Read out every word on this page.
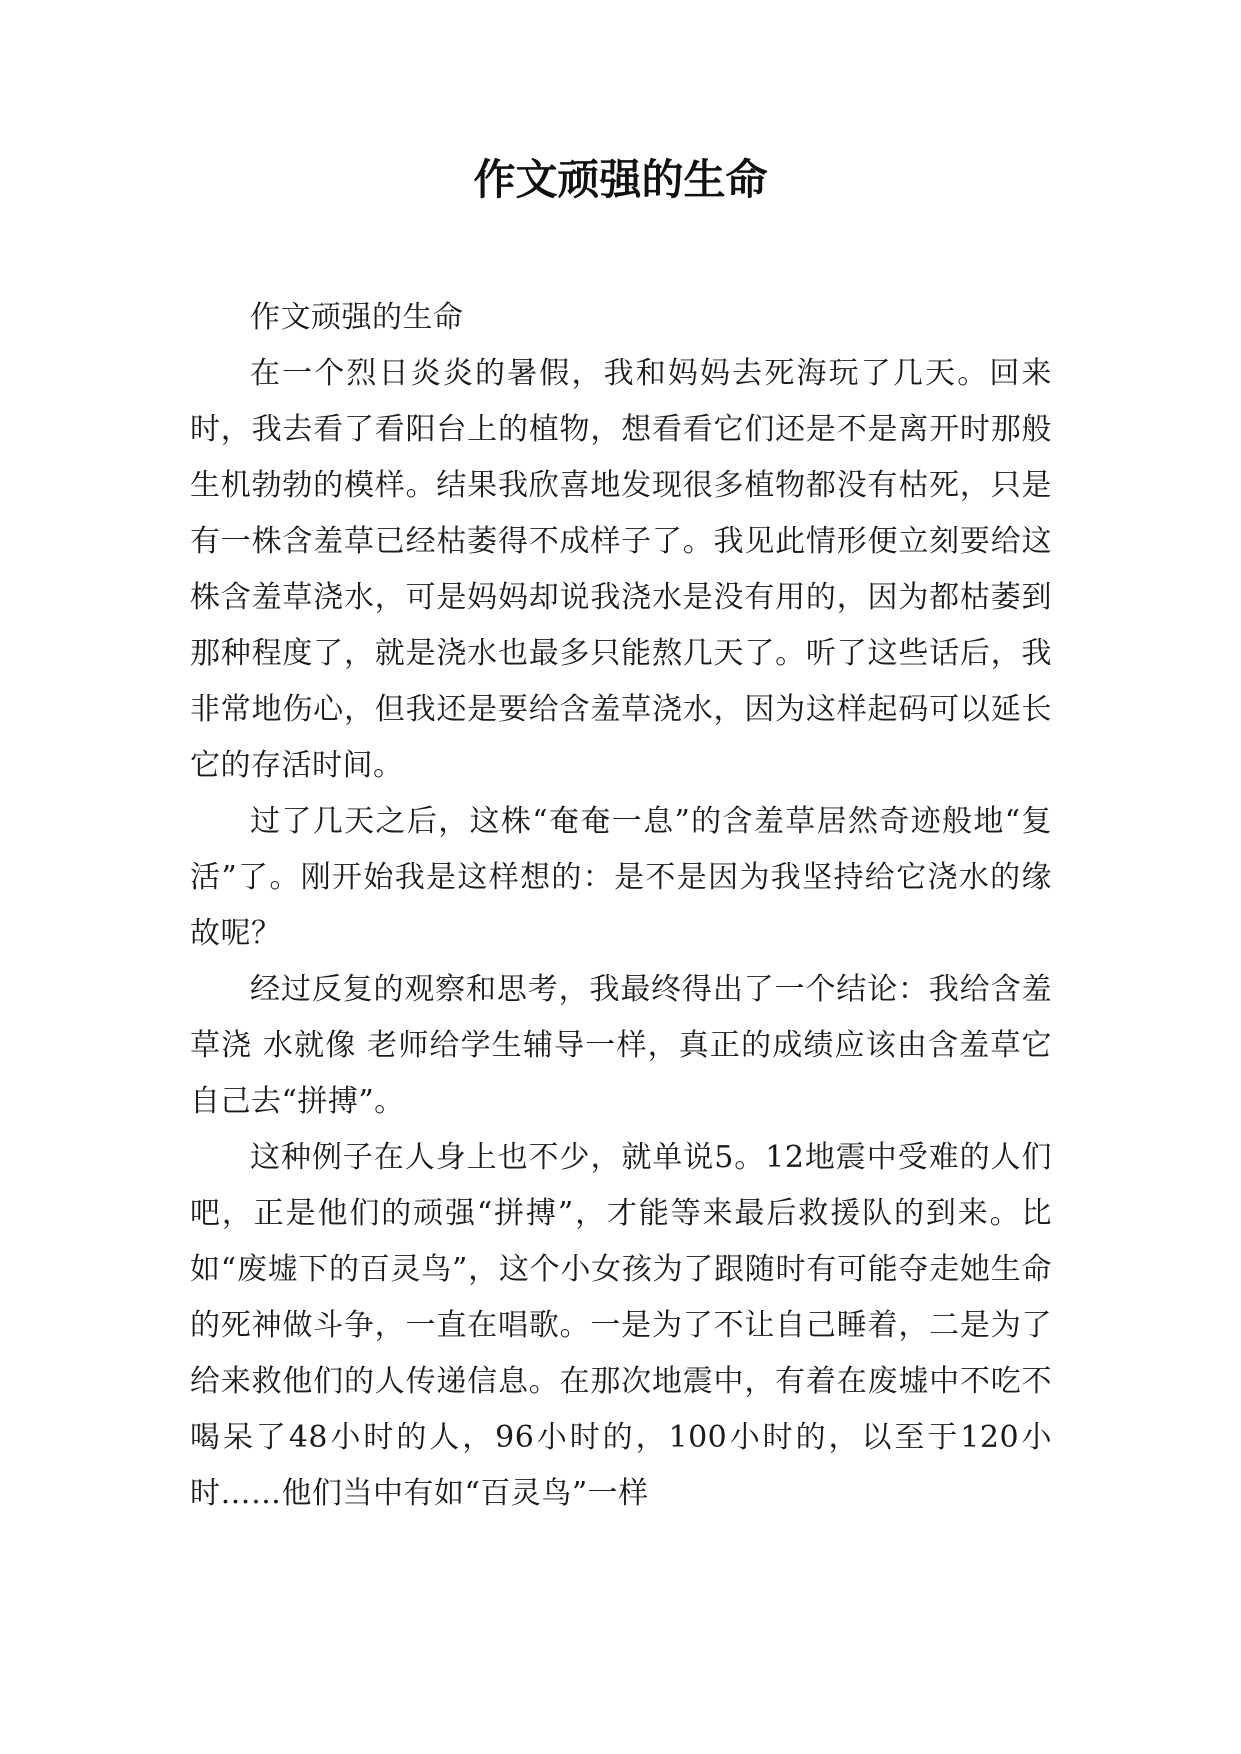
作文顽强的生命

作文顽强的生命

在一个烈日炎炎的暑假，我和妈妈去死海玩了几天。回来时，我去看了看阳台上的植物，想看看它们还是不是离开时那般生机勃勃的模样。结果我欣喜地发现很多植物都没有枯死，只是有一株含羞草已经枯萎得不成样子了。我见此情形便立刻要给这株含羞草浇水，可是妈妈却说我浇水是没有用的，因为都枯萎到那种程度了，就是浇水也最多只能熬几天了。听了这些话后，我非常地伤心，但我还是要给含羞草浇水，因为这样起码可以延长它的存活时间。

过了几天之后，这株“奄奄一息”的含羞草居然奇迹般地“复活”了。刚开始我是这样想的：是不是因为我坚持给它浇水的缘故呢？

经过反复的观察和思考，我最终得出了一个结论：我给含羞草浇 水就像 老师给学生辅导一样，真正的成绩应该由含羞草它自己去“拼搏”。

这种例子在人身上也不少，就单说5。12地震中受难的人们吧，正是他们的顽强“拼搏”，才能等来最后救援队的到来。比如“废墟下的百灵鸟”，这个小女孩为了跟随时有可能夺走她生命的死神做斗争，一直在唱歌。一是为了不让自己睡着，二是为了给来救他们的人传递信息。在那次地震中，有着在废墟中不吃不喝呆了48小时的人，96小时的，100小时的，以至于120小时……他们当中有如“百灵鸟”一样
